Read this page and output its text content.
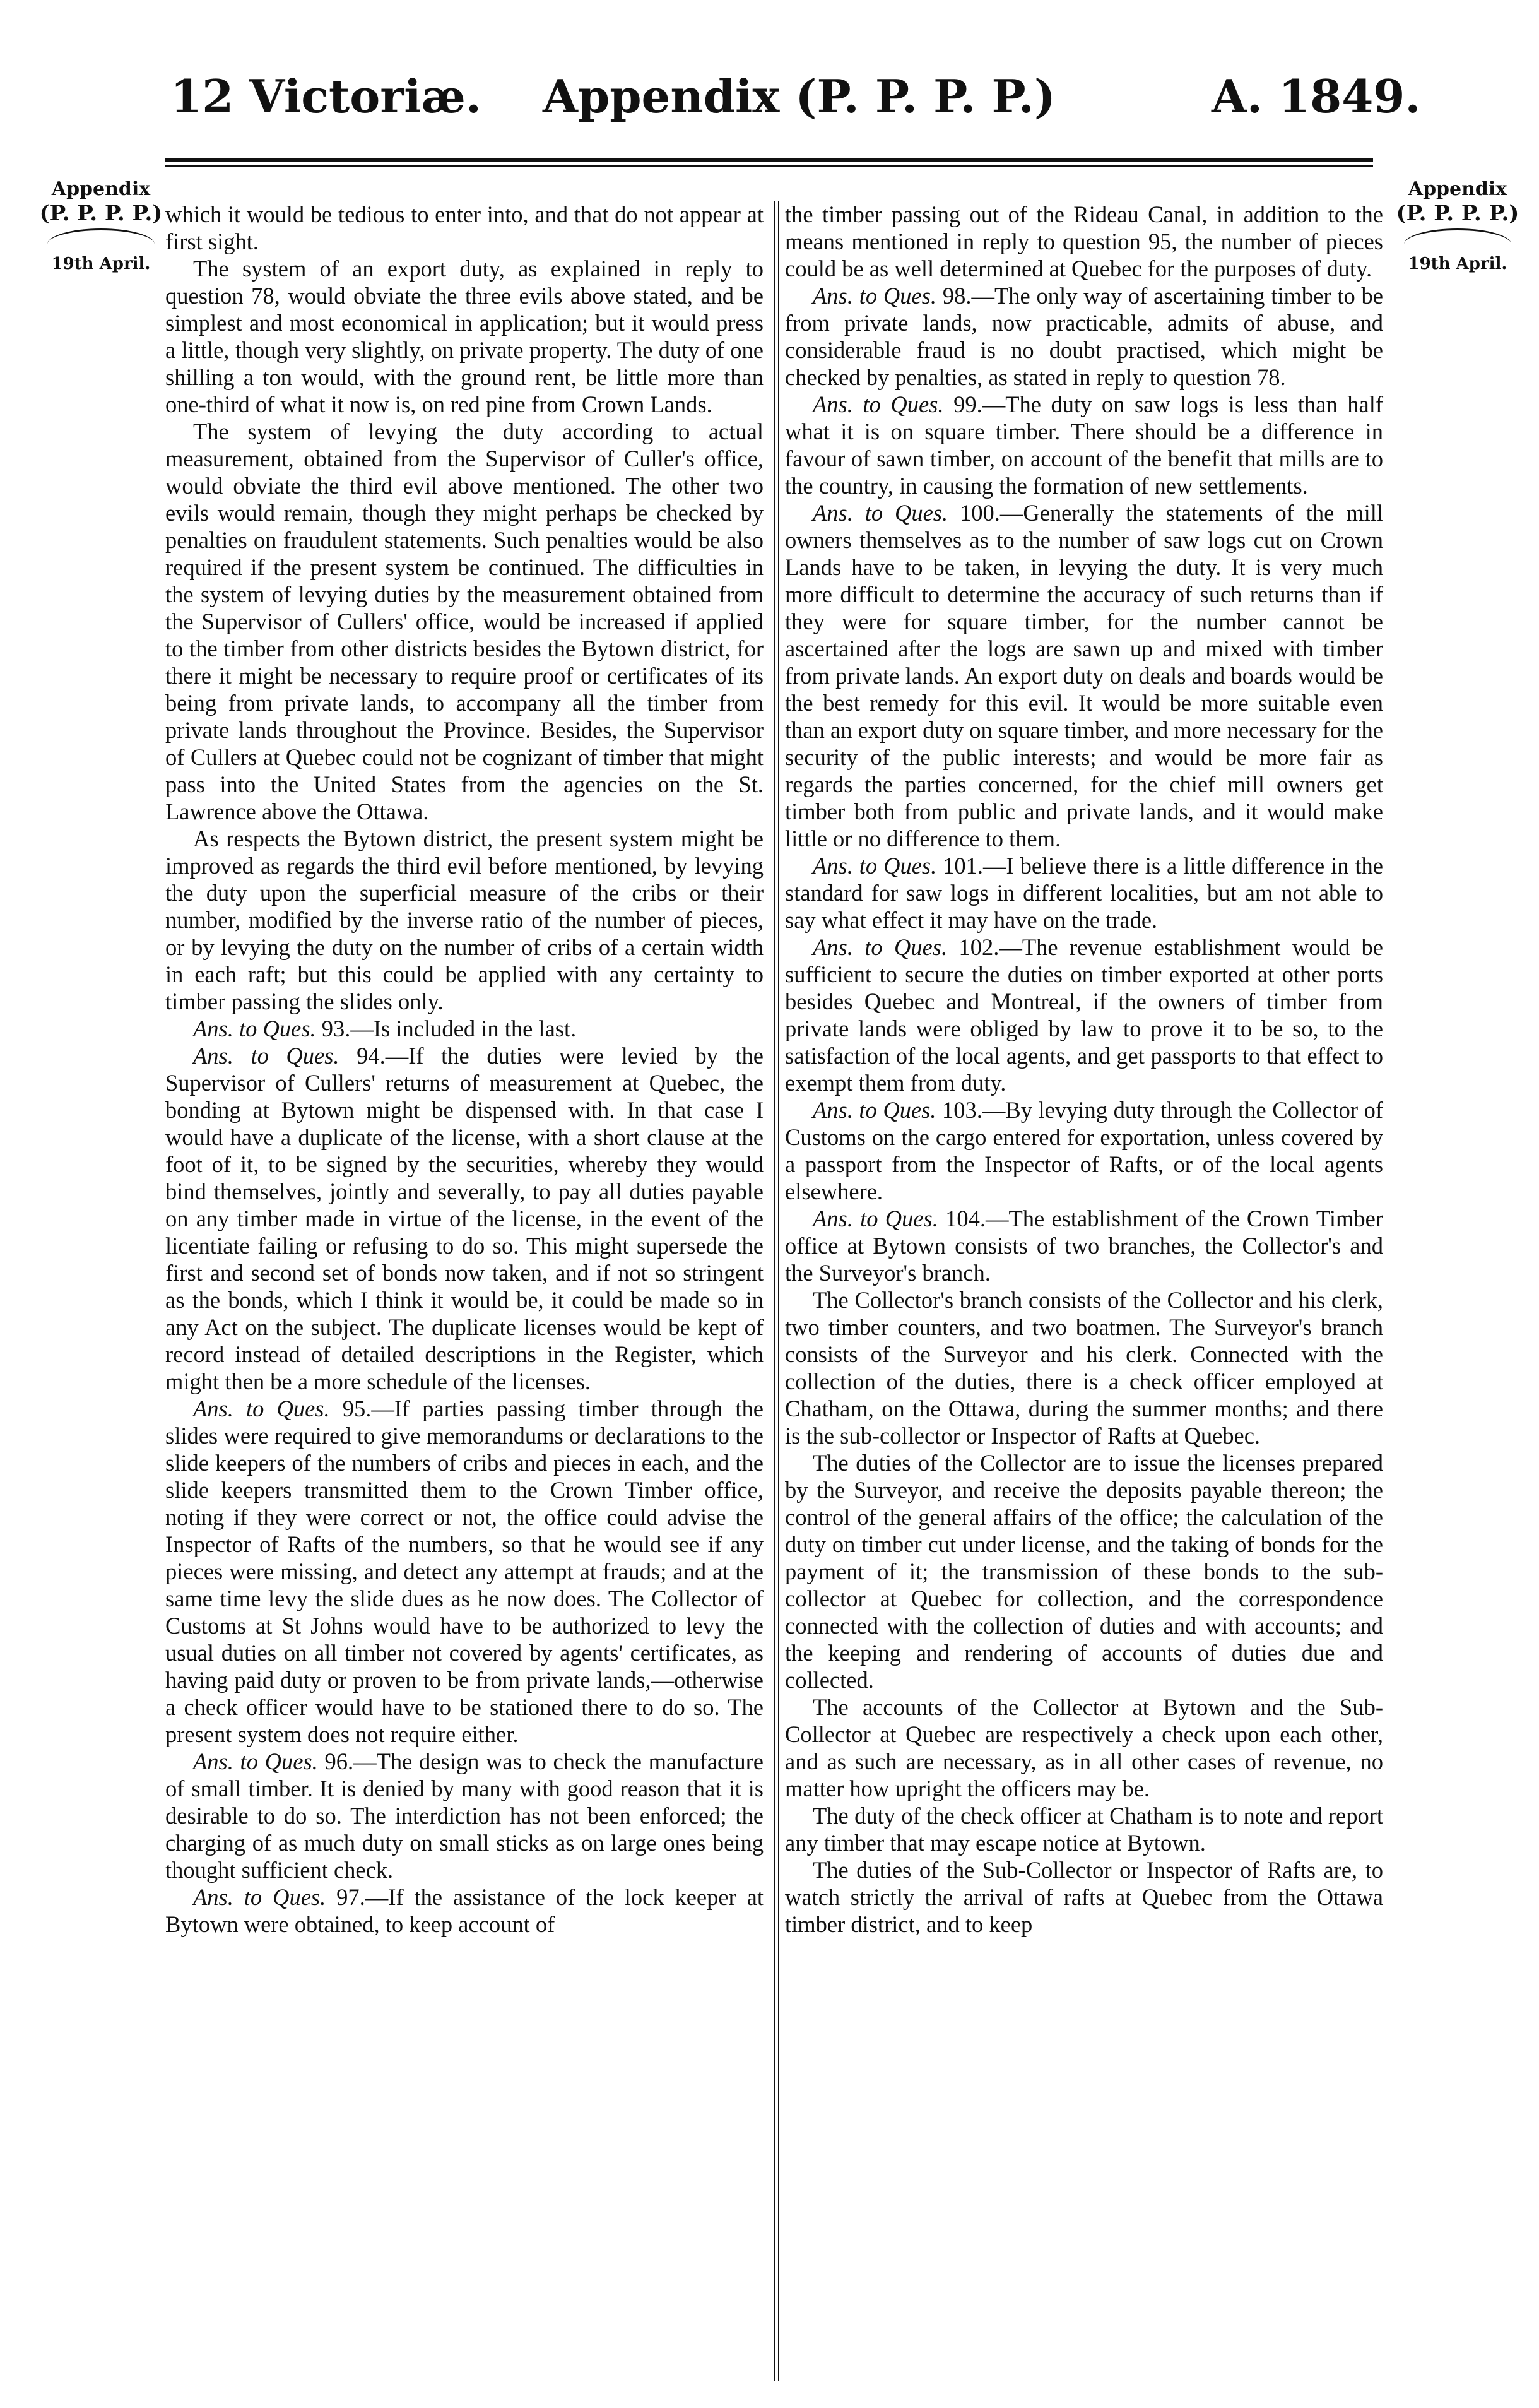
12 Victoriæ. Appendix (P. P. P. P.)	A. 1849.
Appendix
(P. P. P. P.)
19th April.
Appendix
(P. P. P. P.)
19th April.

which it would be tedious to enter into, and that do not appear at first sight.

The system of an export duty, as explained in reply to question 78, would obviate the three evils above stated, and be simplest and most economical in application; but it would press a little, though very slightly, on private property. The duty of one shilling a ton would, with the ground rent, be little more than one-third of what it now is, on red pine from Crown Lands.

The system of levying the duty according to actual measurement, obtained from the Supervisor of Culler's office, would obviate the third evil above mentioned. The other two evils would remain, though they might perhaps be checked by penalties on fraudulent statements. Such penalties would be also required if the present system be continued. The difficulties in the system of levying duties by the measurement obtained from the Supervisor of Cullers' office, would be increased if applied to the timber from other districts besides the Bytown district, for there it might be necessary to require proof or certificates of its being from private lands, to accompany all the timber from private lands throughout the Province. Besides, the Supervisor of Cullers at Quebec could not be cognizant of timber that might pass into the United States from the agencies on the St. Lawrence above the Ottawa.

As respects the Bytown district, the present system might be improved as regards the third evil before mentioned, by levying the duty upon the superficial measure of the cribs or their number, modified by the inverse ratio of the number of pieces, or by levying the duty on the number of cribs of a certain width in each raft; but this could be applied with any certainty to timber passing the slides only.

Ans. to Ques. 93.—Is included in the last.

Ans. to Ques. 94.—If the duties were levied by the Supervisor of Cullers' returns of measurement at Quebec, the bonding at Bytown might be dispensed with. In that case I would have a duplicate of the license, with a short clause at the foot of it, to be signed by the securities, whereby they would bind themselves, jointly and severally, to pay all duties payable on any timber made in virtue of the license, in the event of the licentiate failing or refusing to do so. This might supersede the first and second set of bonds now taken, and if not so stringent as the bonds, which I think it would be, it could be made so in any Act on the subject. The duplicate licenses would be kept of record instead of detailed descriptions in the Register, which might then be a more schedule of the licenses.

Ans. to Ques. 95.—If parties passing timber through the slides were required to give memorandums or declarations to the slide keepers of the numbers of cribs and pieces in each, and the slide keepers transmitted them to the Crown Timber office, noting if they were correct or not, the office could advise the Inspector of Rafts of the numbers, so that he would see if any pieces were missing, and detect any attempt at frauds; and at the same time levy the slide dues as he now does. The Collector of Customs at St Johns would have to be authorized to levy the usual duties on all timber not covered by agents' certificates, as having paid duty or proven to be from private lands,—otherwise a check officer would have to be stationed there to do so. The present system does not require either.

Ans. to Ques. 96.—The design was to check the manufacture of small timber. It is denied by many with good reason that it is desirable to do so. The interdiction has not been enforced; the charging of as much duty on small sticks as on large ones being thought sufficient check.

Ans. to Ques. 97.—If the assistance of the lock keeper at Bytown were obtained, to keep account of

the timber passing out of the Rideau Canal, in addition to the means mentioned in reply to question 95, the number of pieces could be as well determined at Quebec for the purposes of duty.

Ans. to Ques. 98.—The only way of ascertaining timber to be from private lands, now practicable, admits of abuse, and considerable fraud is no doubt practised, which might be checked by penalties, as stated in reply to question 78.

Ans. to Ques. 99.—The duty on saw logs is less than half what it is on square timber. There should be a difference in favour of sawn timber, on account of the benefit that mills are to the country, in causing the formation of new settlements.

Ans. to Ques. 100.—Generally the statements of the mill owners themselves as to the number of saw logs cut on Crown Lands have to be taken, in levying the duty. It is very much more difficult to determine the accuracy of such returns than if they were for square timber, for the number cannot be ascertained after the logs are sawn up and mixed with timber from private lands. An export duty on deals and boards would be the best remedy for this evil. It would be more suitable even than an export duty on square timber, and more necessary for the security of the public interests; and would be more fair as regards the parties concerned, for the chief mill owners get timber both from public and private lands, and it would make little or no difference to them.

Ans. to Ques. 101.—I believe there is a little difference in the standard for saw logs in different localities, but am not able to say what effect it may have on the trade.

Ans. to Ques. 102.—The revenue establishment would be sufficient to secure the duties on timber exported at other ports besides Quebec and Montreal, if the owners of timber from private lands were obliged by law to prove it to be so, to the satisfaction of the local agents, and get passports to that effect to exempt them from duty.

Ans. to Ques. 103.—By levying duty through the Collector of Customs on the cargo entered for exportation, unless covered by a passport from the Inspector of Rafts, or of the local agents elsewhere.

Ans. to Ques. 104.—The establishment of the Crown Timber office at Bytown consists of two branches, the Collector's and the Surveyor's branch.

The Collector's branch consists of the Collector and his clerk, two timber counters, and two boatmen. The Surveyor's branch consists of the Surveyor and his clerk. Connected with the collection of the duties, there is a check officer employed at Chatham, on the Ottawa, during the summer months; and there is the sub-collector or Inspector of Rafts at Quebec.

The duties of the Collector are to issue the licenses prepared by the Surveyor, and receive the deposits payable thereon; the control of the general affairs of the office; the calculation of the duty on timber cut under license, and the taking of bonds for the payment of it; the transmission of these bonds to the sub-collector at Quebec for collection, and the correspondence connected with the collection of duties and with accounts; and the keeping and rendering of accounts of duties due and collected.

The accounts of the Collector at Bytown and the Sub-Collector at Quebec are respectively a check upon each other, and as such are necessary, as in all other cases of revenue, no matter how upright the officers may be.

The duty of the check officer at Chatham is to note and report any timber that may escape notice at Bytown.

The duties of the Sub-Collector or Inspector of Rafts are, to watch strictly the arrival of rafts at Quebec from the Ottawa timber district, and to keep
